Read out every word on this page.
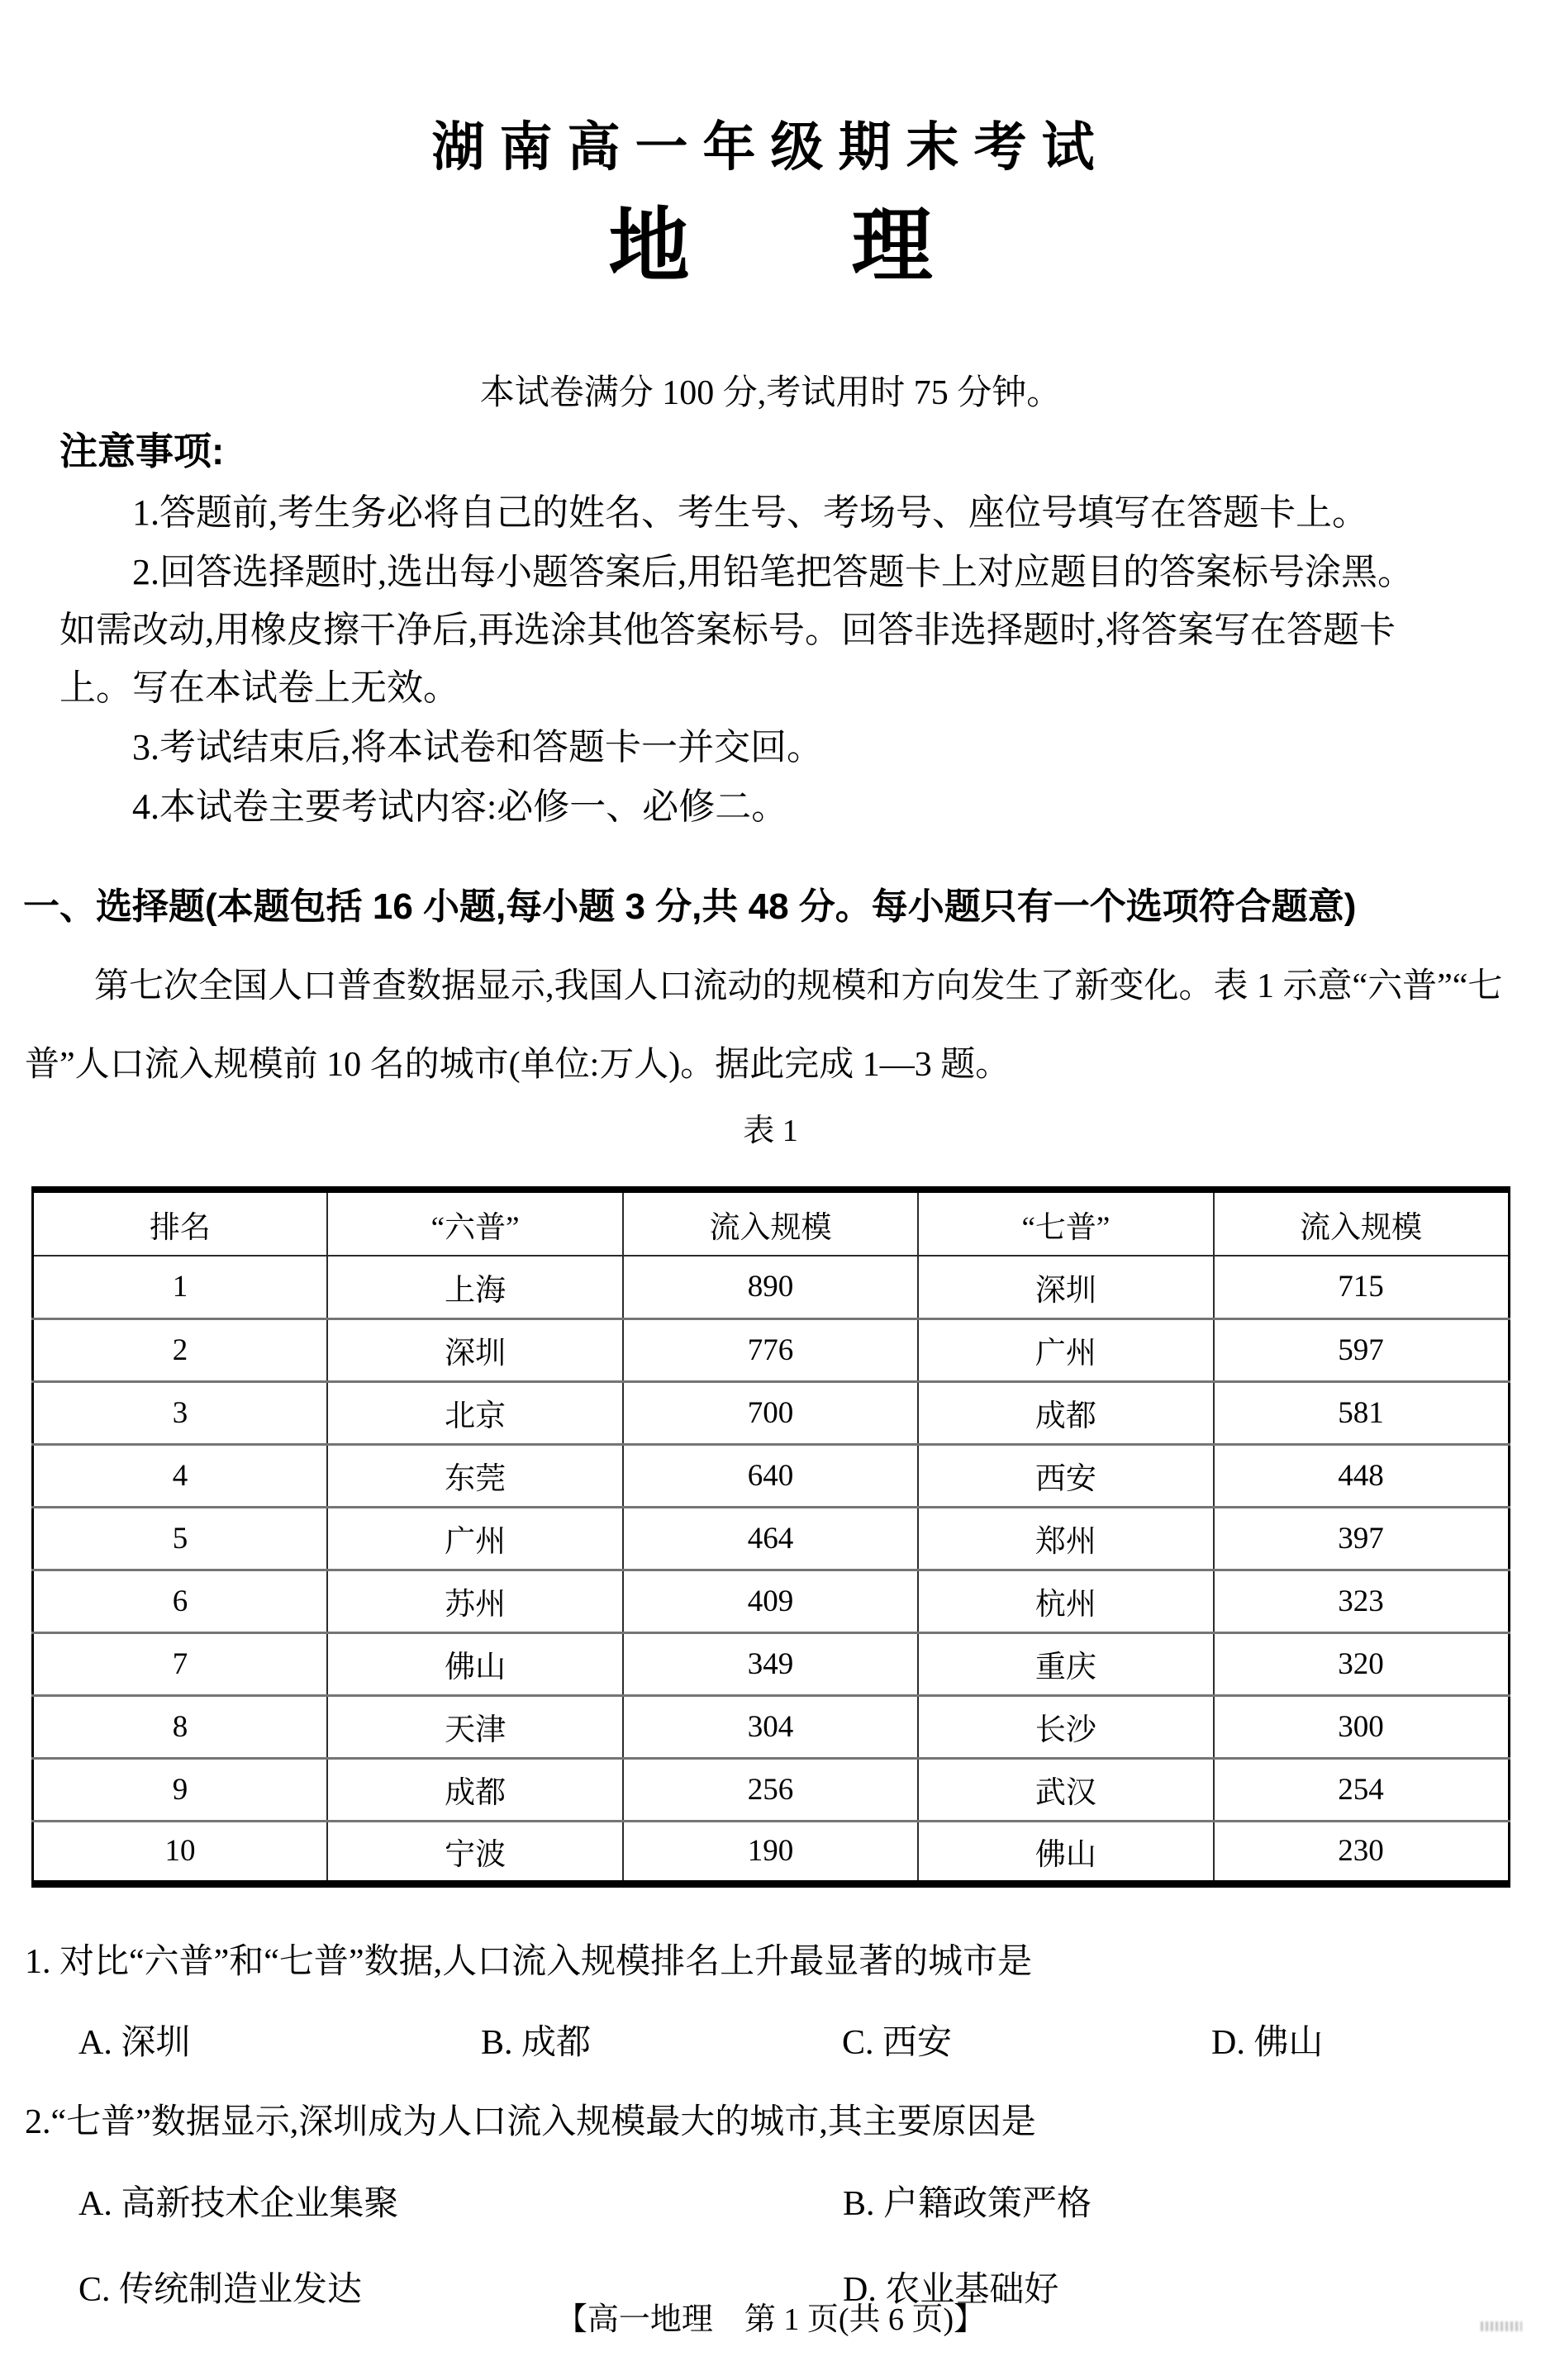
湖南高一年级期末考试
地　　理

本试卷满分 100 分,考试用时 75 分钟。

注意事项:

1.答题前,考生务必将自己的姓名、考生号、考场号、座位号填写在答题卡上。

2.回答选择题时,选出每小题答案后,用铅笔把答题卡上对应题目的答案标号涂黑。如需改动,用橡皮擦干净后,再选涂其他答案标号。回答非选择题时,将答案写在答题卡上。写在本试卷上无效。

3.考试结束后,将本试卷和答题卡一并交回。

4.本试卷主要考试内容:必修一、必修二。

一、选择题(本题包括 16 小题,每小题 3 分,共 48 分。每小题只有一个选项符合题意)

第七次全国人口普查数据显示,我国人口流动的规模和方向发生了新变化。表 1 示意“六普”“七普”人口流入规模前 10 名的城市(单位:万人)。据此完成 1—3 题。

表 1

排名	“六普”	流入规模	“七普”	流入规模
1	上海	890	深圳	715
2	深圳	776	广州	597
3	北京	700	成都	581
4	东莞	640	西安	448
5	广州	464	郑州	397
6	苏州	409	杭州	323
7	佛山	349	重庆	320
8	天津	304	长沙	300
9	成都	256	武汉	254
10	宁波	190	佛山	230

1. 对比“六普”和“七普”数据,人口流入规模排名上升最显著的城市是

A. 深圳	B. 成都	C. 西安	D. 佛山

2.“七普”数据显示,深圳成为人口流入规模最大的城市,其主要原因是

A. 高新技术企业集聚	B. 户籍政策严格
C. 传统制造业发达	D. 农业基础好
【高一地理　第 1 页(共 6 页)】
